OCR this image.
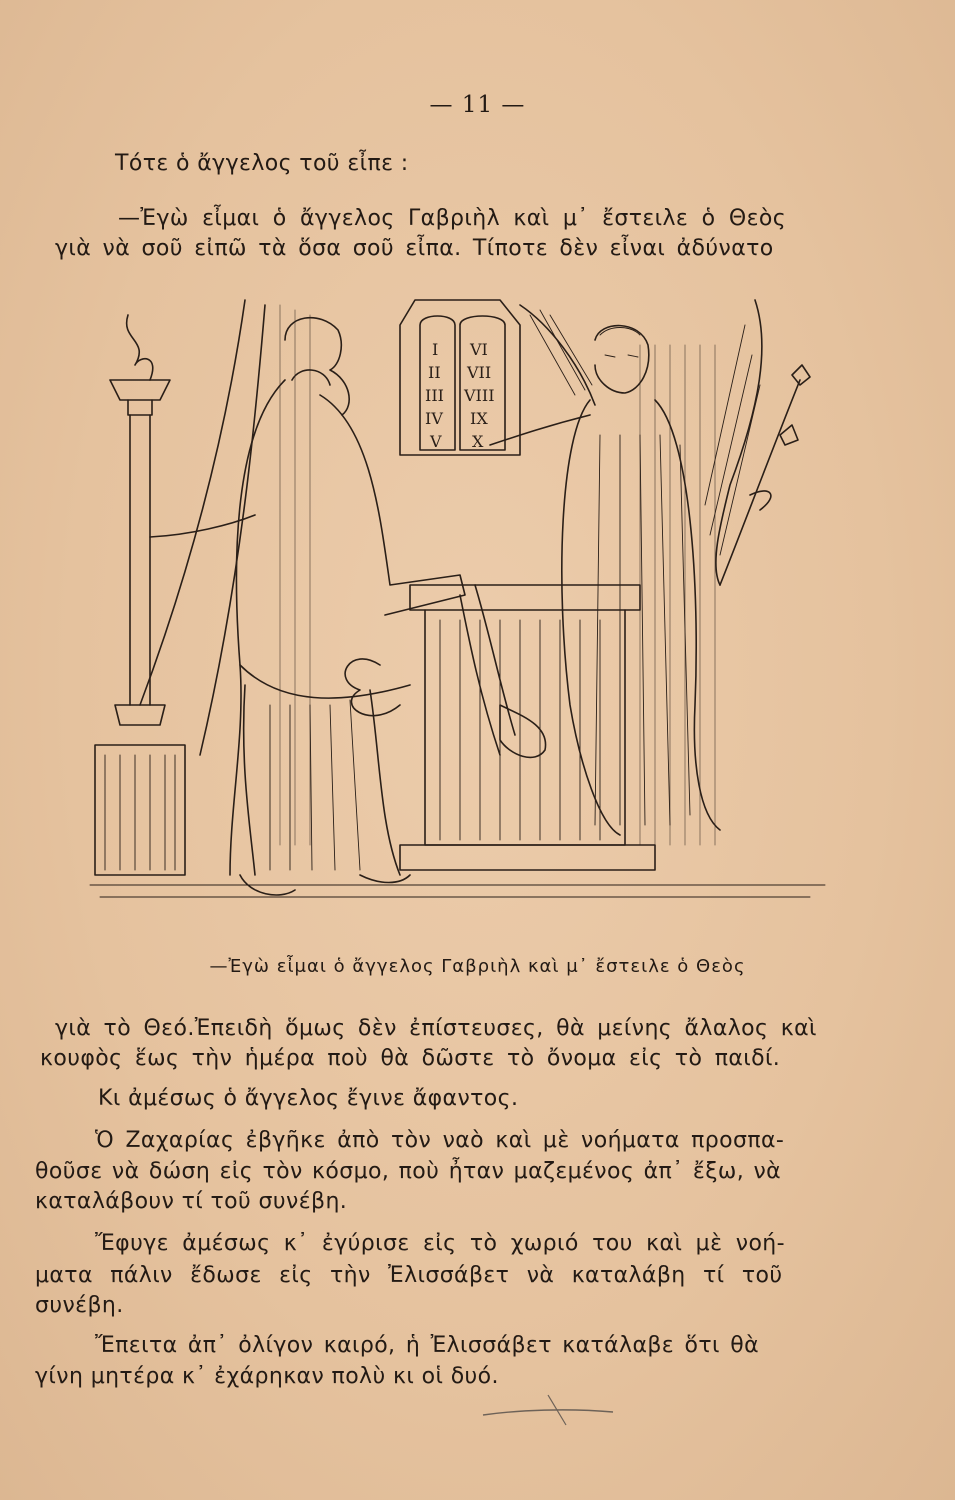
— 11 —
Τότε ὁ ἄγγελος τοῦ εἶπε :
—Ἐγὼ εἶμαι ὁ ἄγγελος Γαβριὴλ καὶ μ᾽ ἔστειλε ὁ Θεὸς
γιὰ νὰ σοῦ εἰπῶ τὰ ὅσα σοῦ εἶπα. Τίποτε δὲν εἶναι ἀδύνατο
I
II
III
IV
V
VI
VII
VIII
IX
X
—Ἐγὼ εἶμαι ὁ ἄγγελος Γαβριὴλ καὶ μ᾽ ἔστειλε ὁ Θεὸς
γιὰ τὸ Θεό.Ἐπειδὴ ὅμως δὲν ἐπίστευσες, θὰ μείνης ἄλαλος καὶ
κουφὸς ἕως τὴν ἡμέρα ποὺ θὰ δῶστε τὸ ὄνομα εἰς τὸ παιδί.
Κι ἀμέσως ὁ ἄγγελος ἔγινε ἄφαντος.
Ὁ Ζαχαρίας ἐβγῆκε ἀπὸ τὸν ναὸ καὶ μὲ νοήματα προσπα-
θοῦσε νὰ δώση εἰς τὸν κόσμο, ποὺ ἦταν μαζεμένος ἀπ᾽ ἔξω, νὰ
καταλάβουν τί τοῦ συνέβη.
Ἔφυγε ἀμέσως κ᾽ ἐγύρισε εἰς τὸ χωριό του καὶ μὲ νοή-
ματα πάλιν ἔδωσε εἰς τὴν Ἐλισσάβετ νὰ καταλάβη τί τοῦ
συνέβη.
Ἔπειτα ἀπ᾽ ὀλίγον καιρό, ἡ Ἐλισσάβετ κατάλαβε ὅτι θὰ
γίνη μητέρα κ᾽ ἐχάρηκαν πολὺ κι οἱ δυό.
